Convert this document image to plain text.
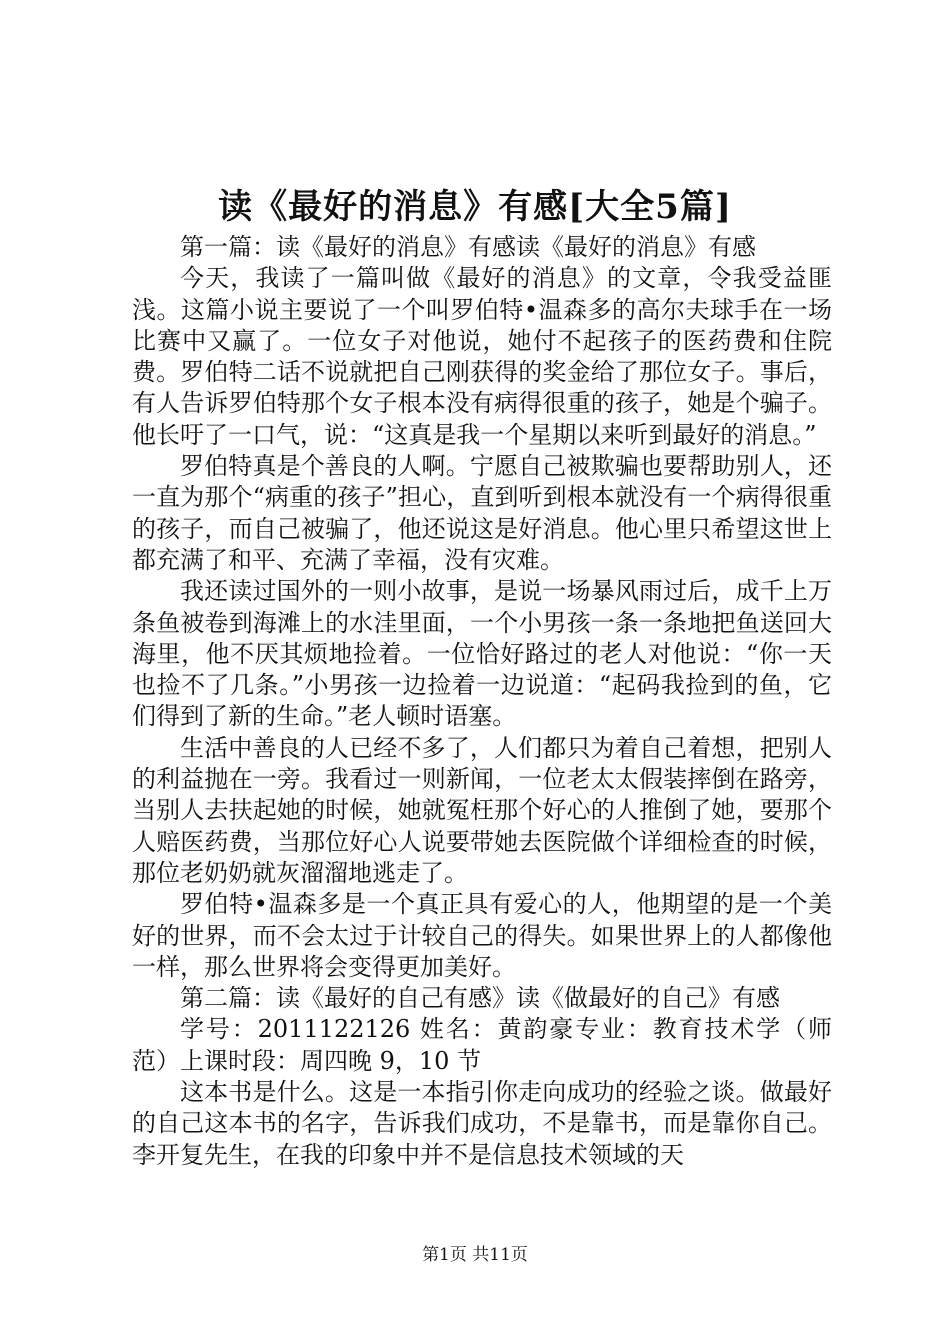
读《最好的消息》有感[大全5篇]

第一篇：读《最好的消息》有感读《最好的消息》有感

今天，我读了一篇叫做《最好的消息》的文章，令我受益匪浅。这篇小说主要说了一个叫罗伯特•温森多的高尔夫球手在一场比赛中又赢了。一位女子对他说，她付不起孩子的医药费和住院费。罗伯特二话不说就把自己刚获得的奖金给了那位女子。事后，有人告诉罗伯特那个女子根本没有病得很重的孩子，她是个骗子。他长吁了一口气，说：“这真是我一个星期以来听到最好的消息。”

罗伯特真是个善良的人啊。宁愿自己被欺骗也要帮助别人，还一直为那个“病重的孩子”担心，直到听到根本就没有一个病得很重的孩子，而自己被骗了，他还说这是好消息。他心里只希望这世上都充满了和平、充满了幸福，没有灾难。

我还读过国外的一则小故事，是说一场暴风雨过后，成千上万条鱼被卷到海滩上的水洼里面，一个小男孩一条一条地把鱼送回大海里，他不厌其烦地捡着。一位恰好路过的老人对他说：“你一天也捡不了几条。”小男孩一边捡着一边说道：“起码我捡到的鱼，它们得到了新的生命。”老人顿时语塞。

生活中善良的人已经不多了，人们都只为着自己着想，把别人的利益抛在一旁。我看过一则新闻，一位老太太假装摔倒在路旁，当别人去扶起她的时候，她就冤枉那个好心的人推倒了她，要那个人赔医药费，当那位好心人说要带她去医院做个详细检查的时候，那位老奶奶就灰溜溜地逃走了。

罗伯特•温森多是一个真正具有爱心的人，他期望的是一个美好的世界，而不会太过于计较自己的得失。如果世界上的人都像他一样，那么世界将会变得更加美好。

第二篇：读《最好的自己有感》读《做最好的自己》有感

学号：2011122126 姓名：黄韵豪专业：教育技术学（师范）上课时段：周四晚 9，10 节

这本书是什么。这是一本指引你走向成功的经验之谈。做最好的自己这本书的名字，告诉我们成功，不是靠书，而是靠你自己。李开复先生，在我的印象中并不是信息技术领域的天

第1页 共11页
